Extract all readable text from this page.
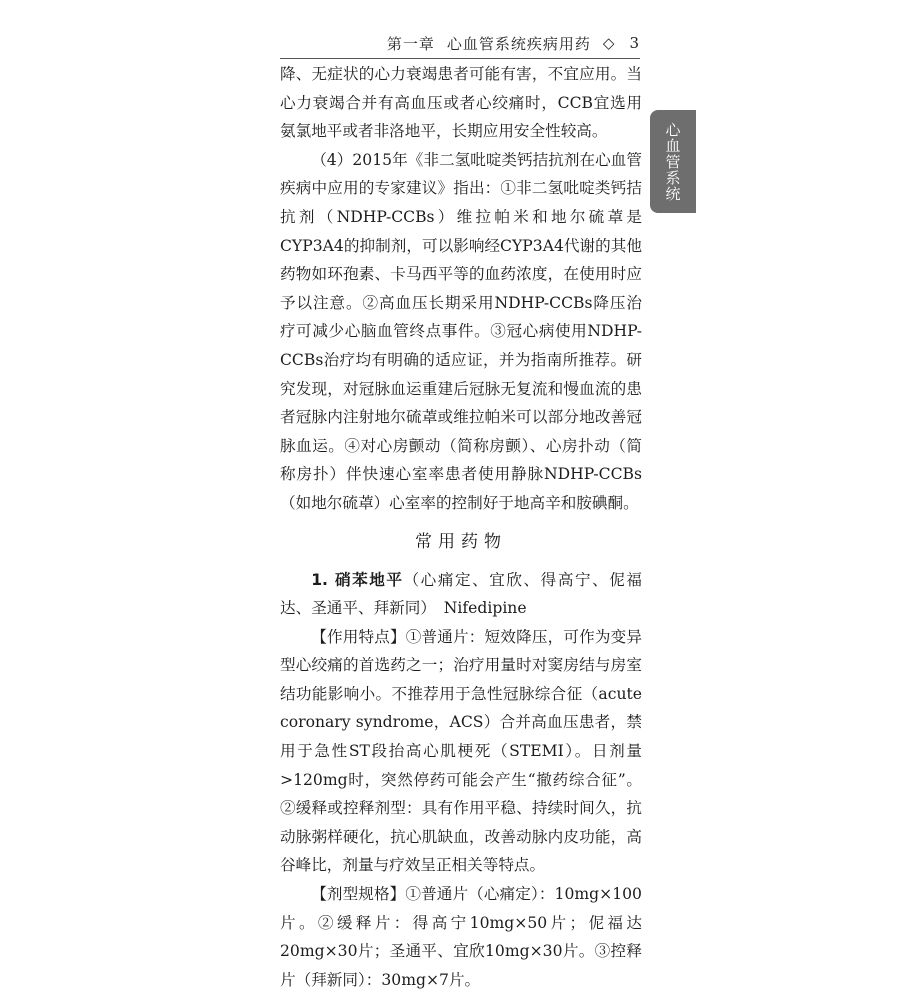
第一章 心血管系统疾病用药 ◇ 3
心血管系统

降、无症状的心力衰竭患者可能有害，不宜应用。当心力衰竭合并有高血压或者心绞痛时，CCB宜选用氨氯地平或者非洛地平，长期应用安全性较高。

（4）2015年《非二氢吡啶类钙拮抗剂在心血管疾病中应用的专家建议》指出：①非二氢吡啶类钙拮抗剂（NDHP-CCBs）维拉帕米和地尔硫䓬是CYP3A4的抑制剂，可以影响经CYP3A4代谢的其他药物如环孢素、卡马西平等的血药浓度，在使用时应予以注意。②高血压长期采用NDHP-CCBs降压治疗可减少心脑血管终点事件。③冠心病使用NDHP-CCBs治疗均有明确的适应证，并为指南所推荐。研究发现，对冠脉血运重建后冠脉无复流和慢血流的患者冠脉内注射地尔硫䓬或维拉帕米可以部分地改善冠脉血运。④对心房颤动（简称房颤）、心房扑动（简称房扑）伴快速心室率患者使用静脉NDHP-CCBs（如地尔硫䓬）心室率的控制好于地高辛和胺碘酮。

常用药物

1. 硝苯地平（心痛定、宜欣、得高宁、伲福达、圣通平、拜新同）　Nifedipine

【作用特点】①普通片：短效降压，可作为变异型心绞痛的首选药之一；治疗用量时对窦房结与房室结功能影响小。不推荐用于急性冠脉综合征（acute coronary syndrome，ACS）合并高血压患者，禁用于急性ST段抬高心肌梗死（STEMI）。日剂量>120mg时，突然停药可能会产生“撤药综合征”。②缓释或控释剂型：具有作用平稳、持续时间久，抗动脉粥样硬化，抗心肌缺血，改善动脉内皮功能，高谷峰比，剂量与疗效呈正相关等特点。

【剂型规格】①普通片（心痛定）：10mg×100片。②缓释片：得高宁10mg×50片；伲福达20mg×30片；圣通平、宜欣10mg×30片。③控释片（拜新同）：30mg×7片。
